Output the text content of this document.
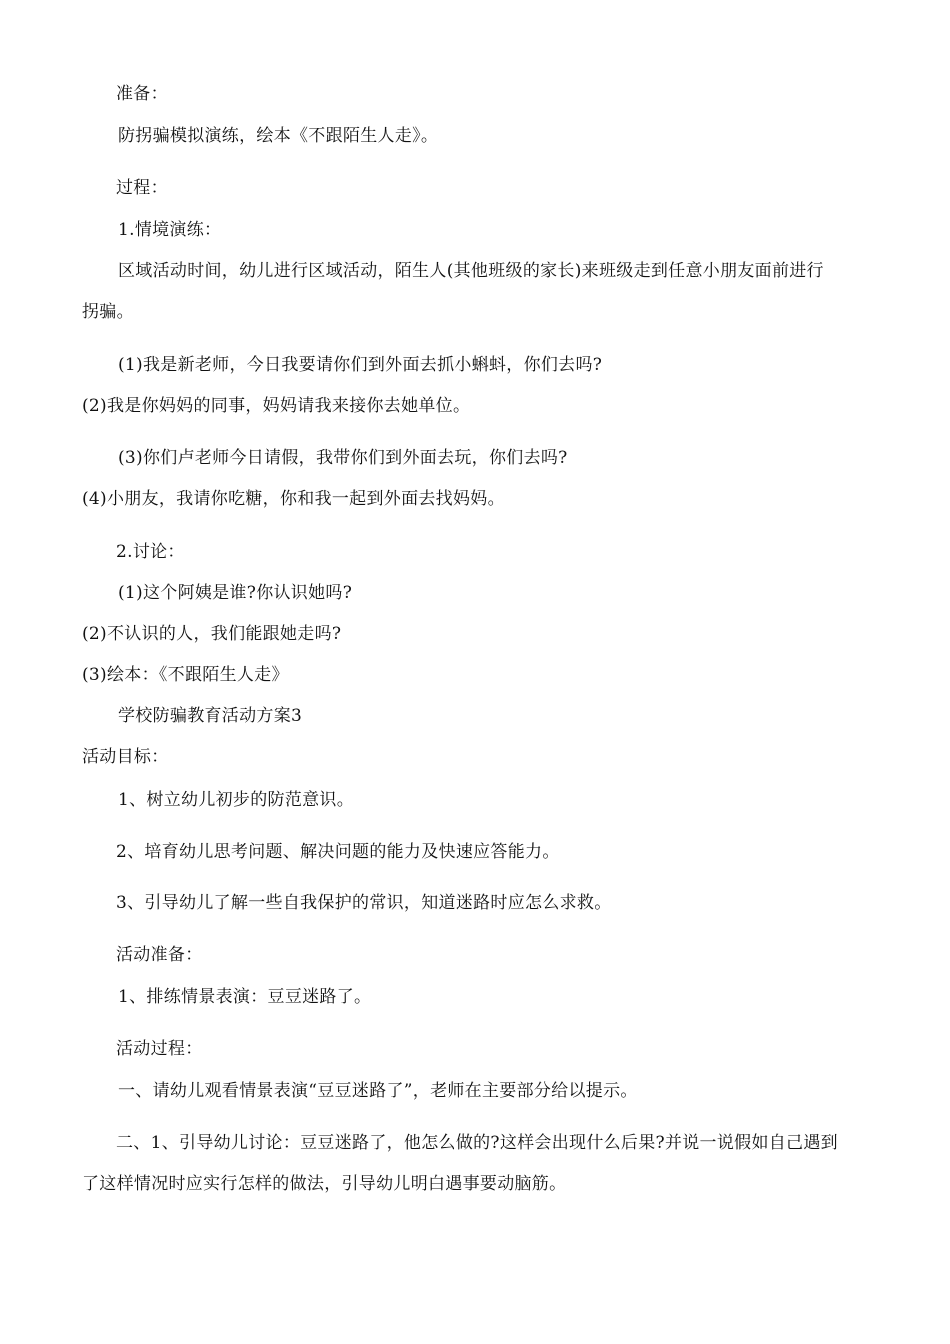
准备：
防拐骗模拟演练，绘本《不跟陌生人走》。
过程：
1.情境演练：
区域活动时间，幼儿进行区域活动，陌生人(其他班级的家长)来班级走到任意小朋友面前进行
拐骗。
(1)我是新老师，今日我要请你们到外面去抓小蝌蚪，你们去吗?
(2)我是你妈妈的同事，妈妈请我来接你去她单位。
(3)你们卢老师今日请假，我带你们到外面去玩，你们去吗?
(4)小朋友，我请你吃糖，你和我一起到外面去找妈妈。
2.讨论：
(1)这个阿姨是谁?你认识她吗?
(2)不认识的人，我们能跟她走吗?
(3)绘本：《不跟陌生人走》
学校防骗教育活动方案3
活动目标：
1、树立幼儿初步的防范意识。
2、培育幼儿思考问题、解决问题的能力及快速应答能力。
3、引导幼儿了解一些自我保护的常识，知道迷路时应怎么求救。
活动准备：
1、排练情景表演：豆豆迷路了。
活动过程：
一、请幼儿观看情景表演“豆豆迷路了”，老师在主要部分给以提示。
二、1、引导幼儿讨论：豆豆迷路了，他怎么做的?这样会出现什么后果?并说一说假如自己遇到
了这样情况时应实行怎样的做法，引导幼儿明白遇事要动脑筋。
